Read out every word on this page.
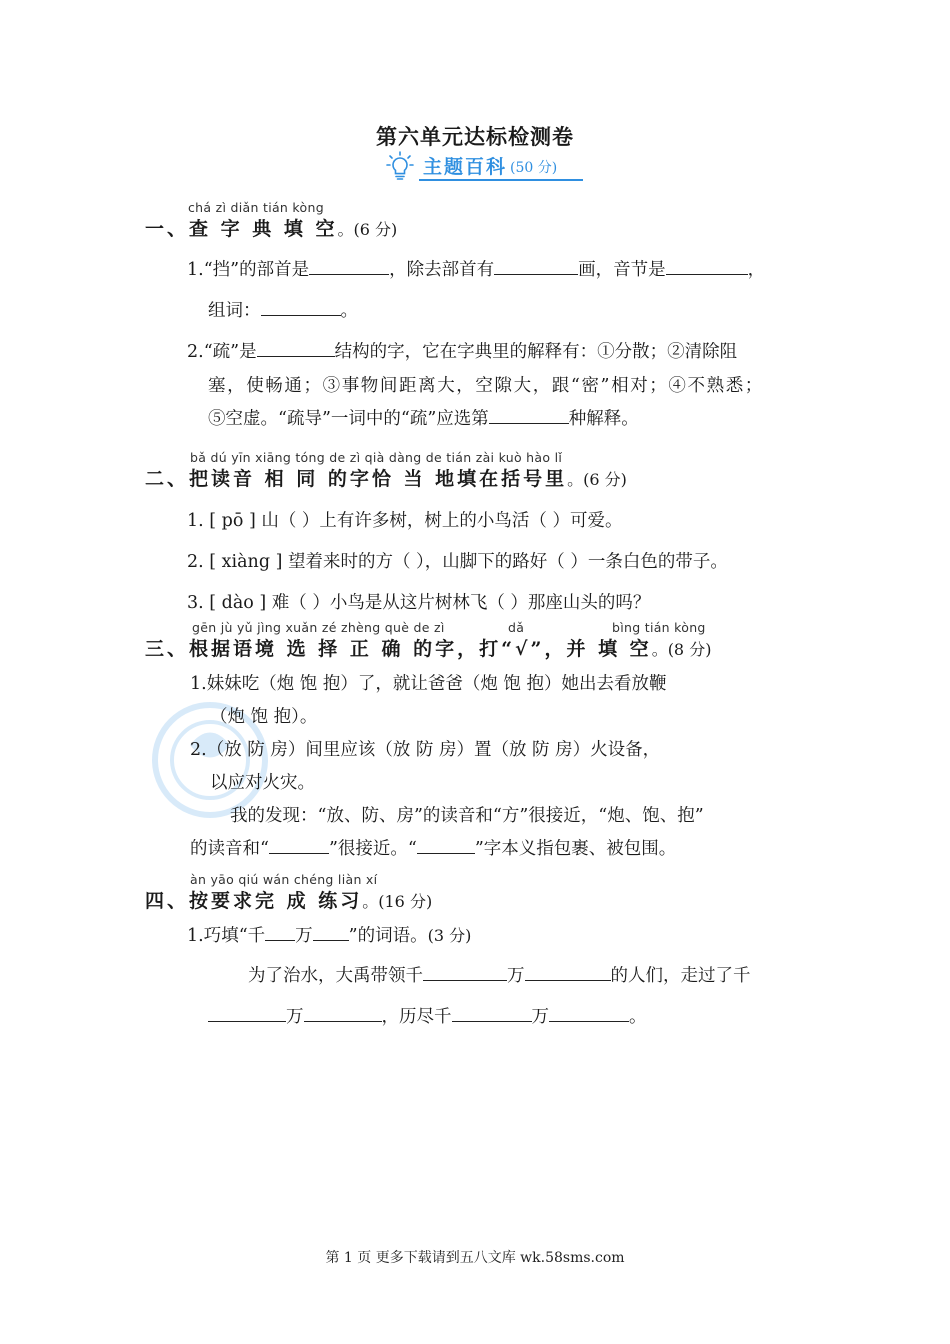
第六单元达标检测卷
主题百科 (50 分)
chá zì diǎn tián kòng
一、查 字 典 填 空。(6 分)
1.“挡”的部首是	，除去部首有	画，音节是	，
组词：	。
2.“疏”是	结构的字，它在字典里的解释有：①分散；②清除阻
塞，使畅通；③事物间距离大，空隙大，跟“密”相对；④不熟悉；
⑤空虚。“疏导”一词中的“疏”应选第	种解释。
bǎ dú yīn xiāng tóng de zì qià dàng de tián zài kuò hào lǐ
二、把读音 相 同 的字恰 当 地填在括号里。(6 分)
1. [ pō ] 山（ ）上有许多树，树上的小鸟活（ ）可爱。
2. [ xiàng ] 望着来时的方（ ），山脚下的路好（ ）一条白色的带子。
3. [ dào ] 难（ ）小鸟是从这片树林飞（ ）那座山头的吗？
gēn jù yǔ jìng xuǎn zé zhèng què de zì	dǎ	bìng tián kòng
三、根据语境 选 择 正 确 的字，打“√”，并 填 空。(8 分)
1.妹妹吃（炮 饱 抱）了，就让爸爸（炮 饱 抱）她出去看放鞭
（炮 饱 抱）。
2.（放 防 房）间里应该（放 防 房）置（放 防 房）火设备，
以应对火灾。
我的发现：“放、防、房”的读音和“方”很接近，“炮、饱、抱”
的读音和“	”很接近。“	”字本义指包裹、被包围。
àn yāo qiú wán chéng liàn xí
四、按要求完 成 练习。(16 分)
1.巧填“千 万 ”的词语。(3 分)
为了治水，大禹带领千	万	的人们，走过了千
万	，历尽千	万	。
第 1 页 更多下载请到五八文库 wk.58sms.com
